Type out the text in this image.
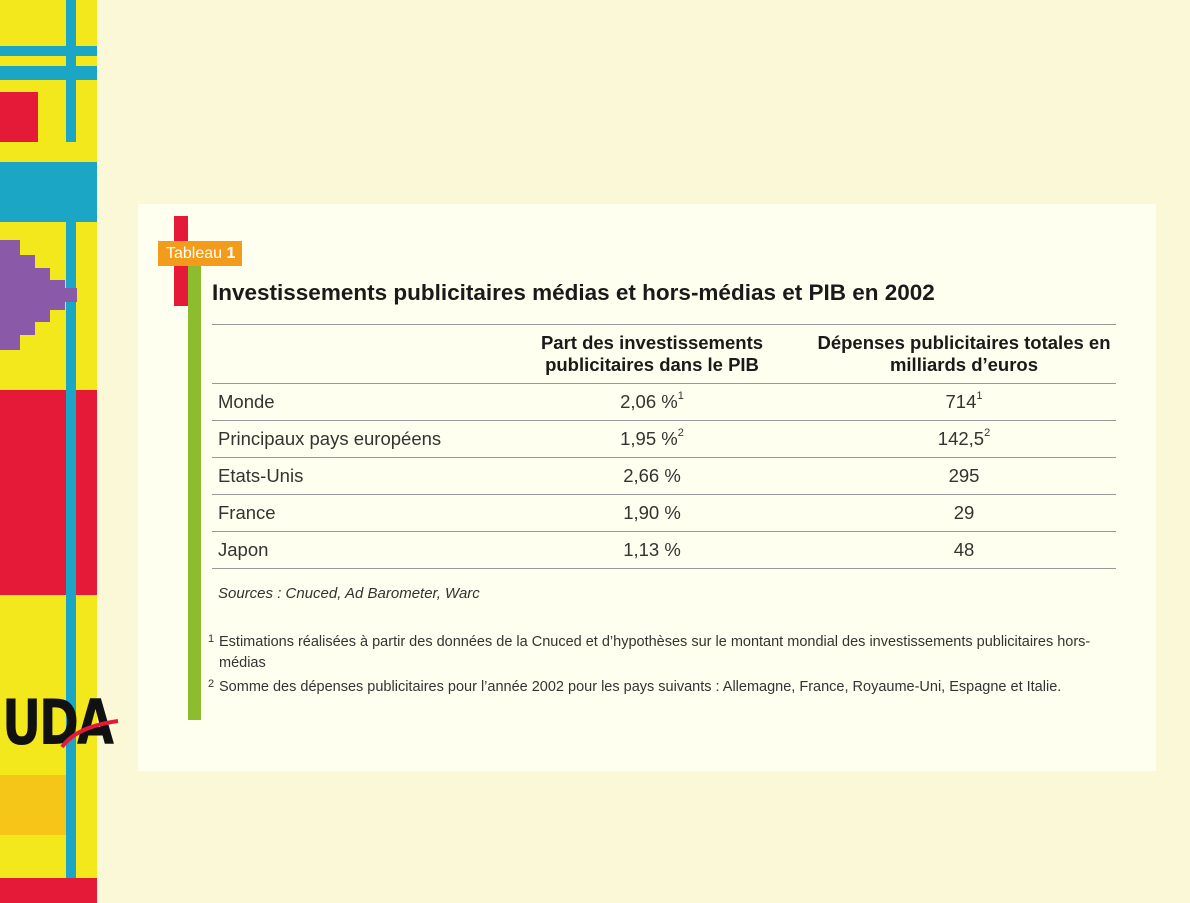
UDA
Tableau 1
Investissements publicitaires médias et hors-médias et PIB en 2002
	Part des investissements publicitaires dans le PIB	Dépenses publicitaires totales en milliards d’euros
Monde	2,06 %$^1$	$714^1$
Principaux pays européens	1,95 %$^2$	142,5$^2$
Etats-Unis	2,66 %	295
France	1,90 %	29
Japon	1,13 %	48
Sources : Cnuced, Ad Barometer, Warc
1 Estimations réalisées à partir des données de la Cnuced et d’hypothèses sur le montant mondial des investissements publicitaires hors-médias
2 Somme des dépenses publicitaires pour l’année 2002 pour les pays suivants : Allemagne, France, Royaume-Uni, Espagne et Italie.
